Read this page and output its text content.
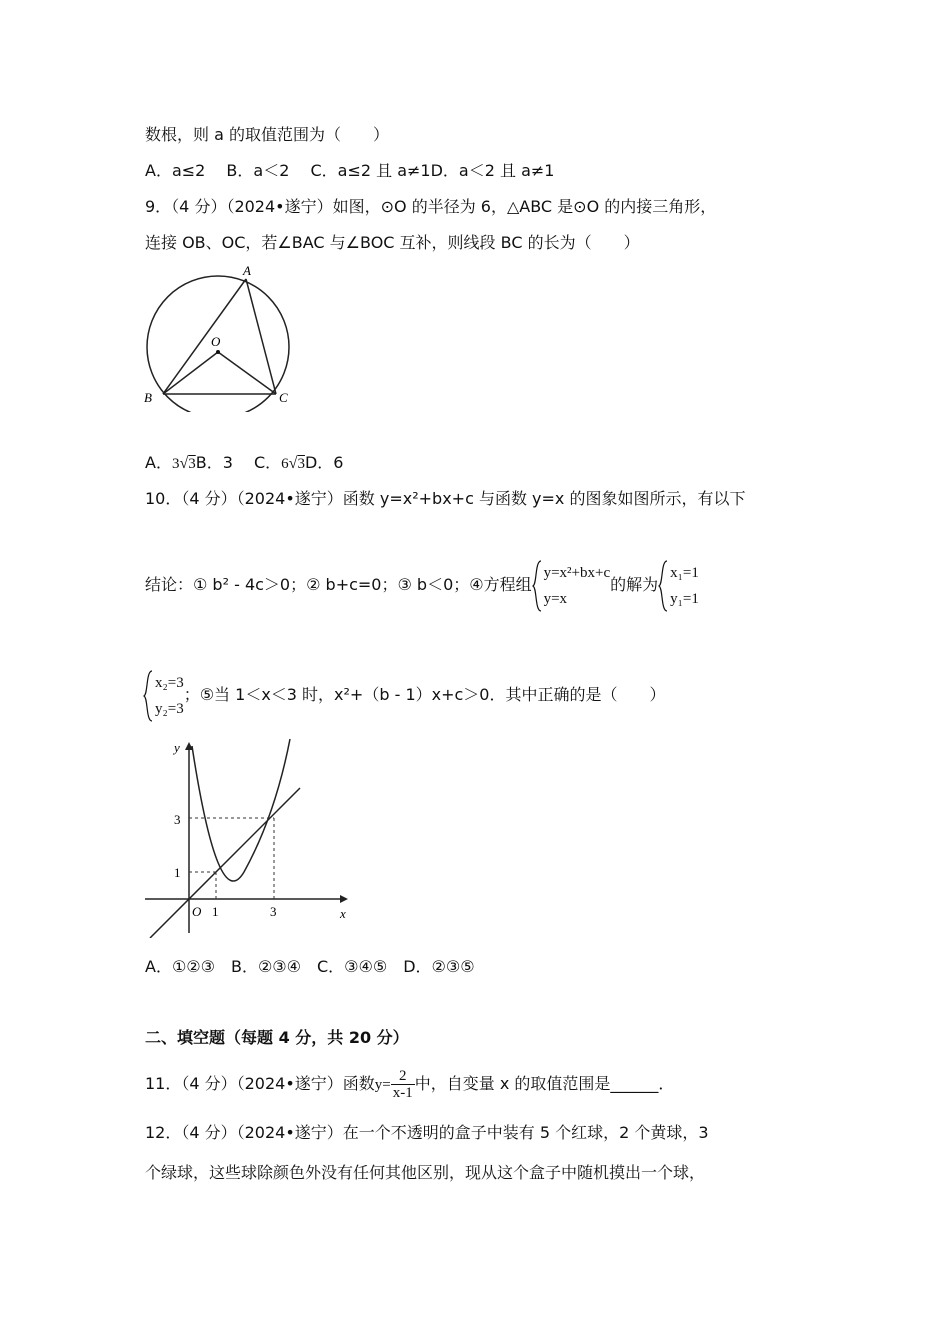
数根，则 a 的取值范围为（　　）
A．a≤2　 B．a＜2　 C．a≤2 且 a≠1D．a＜2 且 a≠1
9．（4 分）（2024•遂宁）如图，⊙O 的半径为 6，△ABC 是⊙O 的内接三角形，
连接 OB、OC，若∠BAC 与∠BOC 互补，则线段 BC 的长为（　　）
A
O
B	C
A．3√3B．3　 C．6√3D．6
10．（4 分）（2024•遂宁）函数 y=x²+bx+c 与函数 y=x 的图象如图所示，有以下
结论：① b² - 4c＞0；② b+c=0；③ b＜0；④方程组
y=x²+bx+c
y=x
的解为
x₁=1
y₁=1
x₂=3
y₂=3
；⑤当 1＜x＜3 时，x²+（b - 1）x+c＞0．其中正确的是（　　）
y
x
O 1	3
1
3
A．①②③　B．②③④　C．③④⑤　D．②③⑤
二、填空题（每题 4 分，共 20 分）
11．（4 分）（2024•遂宁）函数$y= \frac{2}{x-1}$ 中，自变量 x 的取值范围是______．
12．（4 分）（2024•遂宁）在一个不透明的盒子中装有 5 个红球，2 个黄球，3
个绿球，这些球除颜色外没有任何其他区别，现从这个盒子中随机摸出一个球，
